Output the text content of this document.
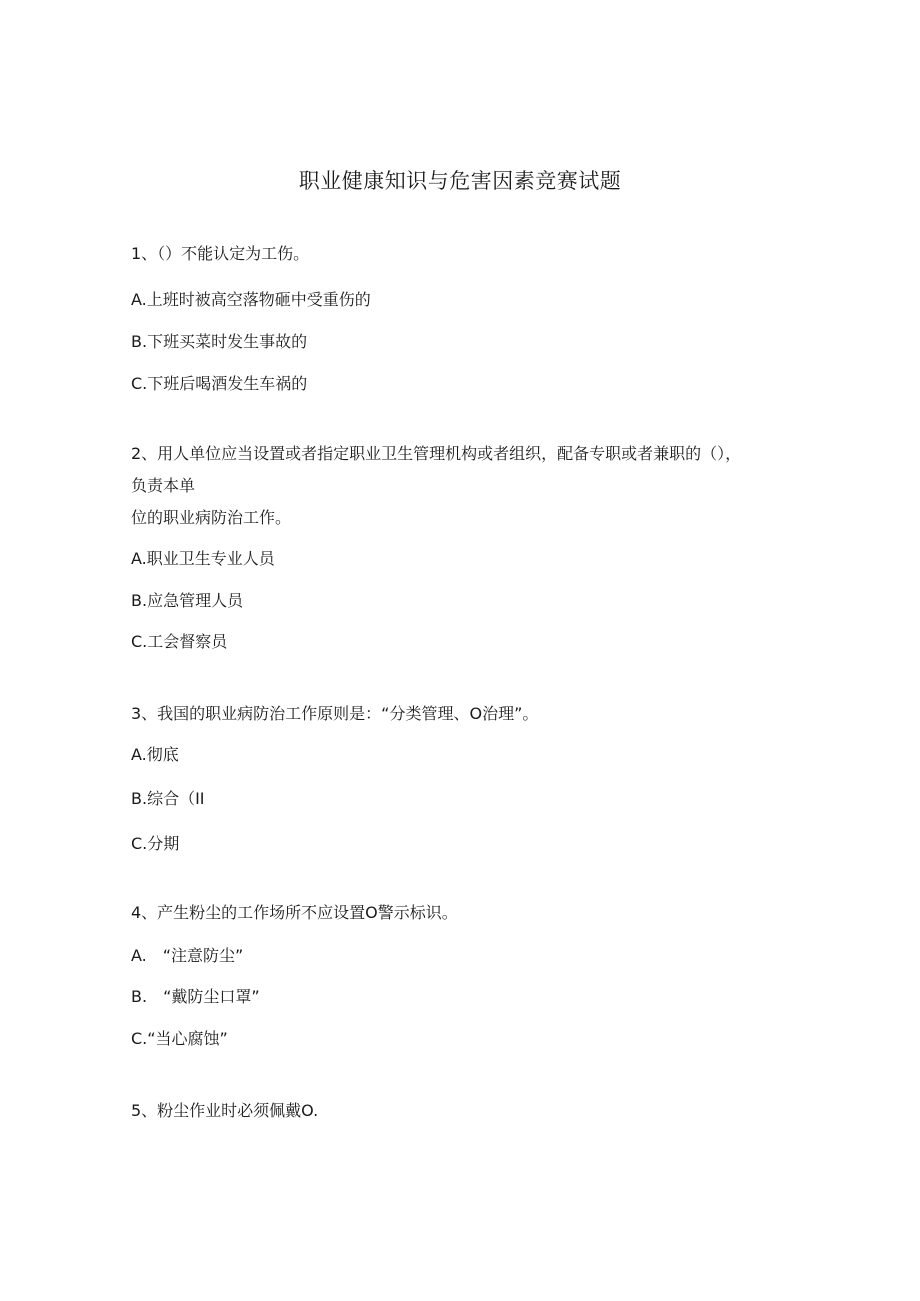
职业健康知识与危害因素竞赛试题
1、（）不能认定为工伤。
A.上班时被高空落物砸中受重伤的
B.下班买菜时发生事故的
C.下班后喝酒发生车祸的
2、用人单位应当设置或者指定职业卫生管理机构或者组织，配备专职或者兼职的（），
负责本单
位的职业病防治工作。
A.职业卫生专业人员
B.应急管理人员
C.工会督察员
3、我国的职业病防治工作原则是：“分类管理、O治理”。
A.彻底
B.综合（II
C.分期
4、产生粉尘的工作场所不应设置O警示标识。
A.　“注意防尘”
B.　“戴防尘口罩”
C.“当心腐蚀”
5、粉尘作业时必须佩戴O.
